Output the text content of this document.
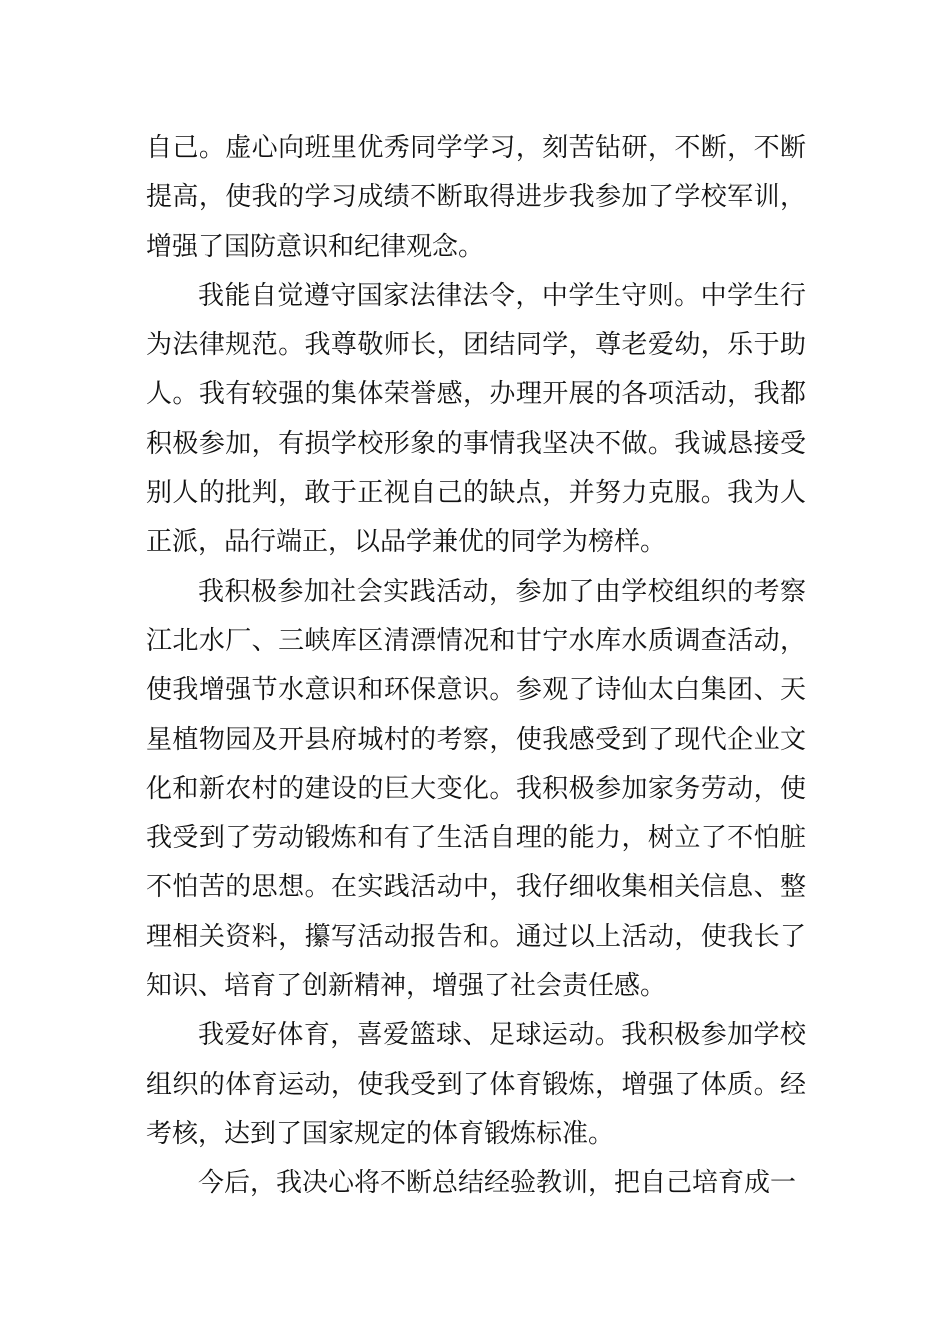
自己。虚心向班里优秀同学学习，刻苦钻研，不断，不断
提高，使我的学习成绩不断取得进步我参加了学校军训，
增强了国防意识和纪律观念。
我能自觉遵守国家法律法令，中学生守则。中学生行
为法律规范。我尊敬师长，团结同学，尊老爱幼，乐于助
人。我有较强的集体荣誉感，办理开展的各项活动，我都
积极参加，有损学校形象的事情我坚决不做。我诚恳接受
别人的批判，敢于正视自己的缺点，并努力克服。我为人
正派，品行端正，以品学兼优的同学为榜样。
我积极参加社会实践活动，参加了由学校组织的考察
江北水厂、三峡库区清漂情况和甘宁水库水质调查活动，
使我增强节水意识和环保意识。参观了诗仙太白集团、天
星植物园及开县府城村的考察，使我感受到了现代企业文
化和新农村的建设的巨大变化。我积极参加家务劳动，使
我受到了劳动锻炼和有了生活自理的能力，树立了不怕脏
不怕苦的思想。在实践活动中，我仔细收集相关信息、整
理相关资料，攥写活动报告和。通过以上活动，使我长了
知识、培育了创新精神，增强了社会责任感。
我爱好体育，喜爱篮球、足球运动。我积极参加学校
组织的体育运动，使我受到了体育锻炼，增强了体质。经
考核，达到了国家规定的体育锻炼标准。
今后，我决心将不断总结经验教训，把自己培育成一
